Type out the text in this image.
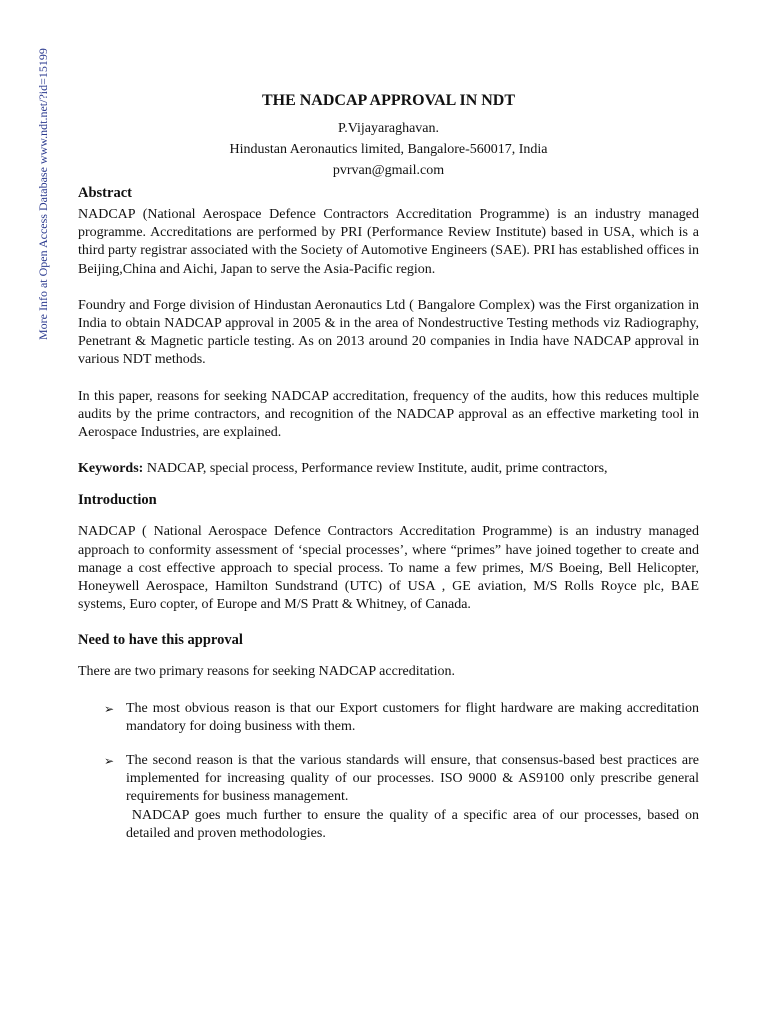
More Info at Open Access Database www.ndt.net/?id=15199	THE NADCAP APPROVAL IN NDT
P.Vijayaraghavan.
Hindustan Aeronautics limited, Bangalore-560017, India
pvrvan@gmail.com
Abstract

NADCAP (National Aerospace Defence Contractors Accreditation Programme) is an industry managed programme. Accreditations are performed by PRI (Performance Review Institute) based in USA, which is a third party registrar associated with the Society of Automotive Engineers (SAE). PRI has established offices in Beijing,China and Aichi, Japan to serve the Asia-Pacific region.

Foundry and Forge division of Hindustan Aeronautics Ltd ( Bangalore Complex) was the First organization in India to obtain NADCAP approval in 2005 & in the area of Nondestructive Testing methods viz Radiography, Penetrant & Magnetic particle testing. As on 2013 around 20 companies in India have NADCAP approval in various NDT methods.

In this paper, reasons for seeking NADCAP accreditation, frequency of the audits, how this reduces multiple audits by the prime contractors, and recognition of the NADCAP approval as an effective marketing tool in Aerospace Industries, are explained.

Keywords: NADCAP, special process, Performance review Institute, audit, prime contractors,

Introduction

NADCAP ( National Aerospace Defence Contractors Accreditation Programme) is an industry managed approach to conformity assessment of ‘special processes’, where “primes” have joined together to create and manage a cost effective approach to special process. To name a few primes, M/S Boeing, Bell Helicopter, Honeywell Aerospace, Hamilton Sundstrand (UTC) of USA , GE aviation, M/S Rolls Royce plc, BAE systems, Euro copter, of Europe and M/S Pratt & Whitney, of Canada.

Need to have this approval

There are two primary reasons for seeking NADCAP accreditation.

➢ The most obvious reason is that our Export customers for flight hardware are making accreditation mandatory for doing business with them.
➢ The second reason is that the various standards will ensure, that consensus-based best practices are implemented for increasing quality of our processes. ISO 9000 & AS9100 only prescribe general requirements for business management.
NADCAP goes much further to ensure the quality of a specific area of our processes, based on detailed and proven methodologies.
